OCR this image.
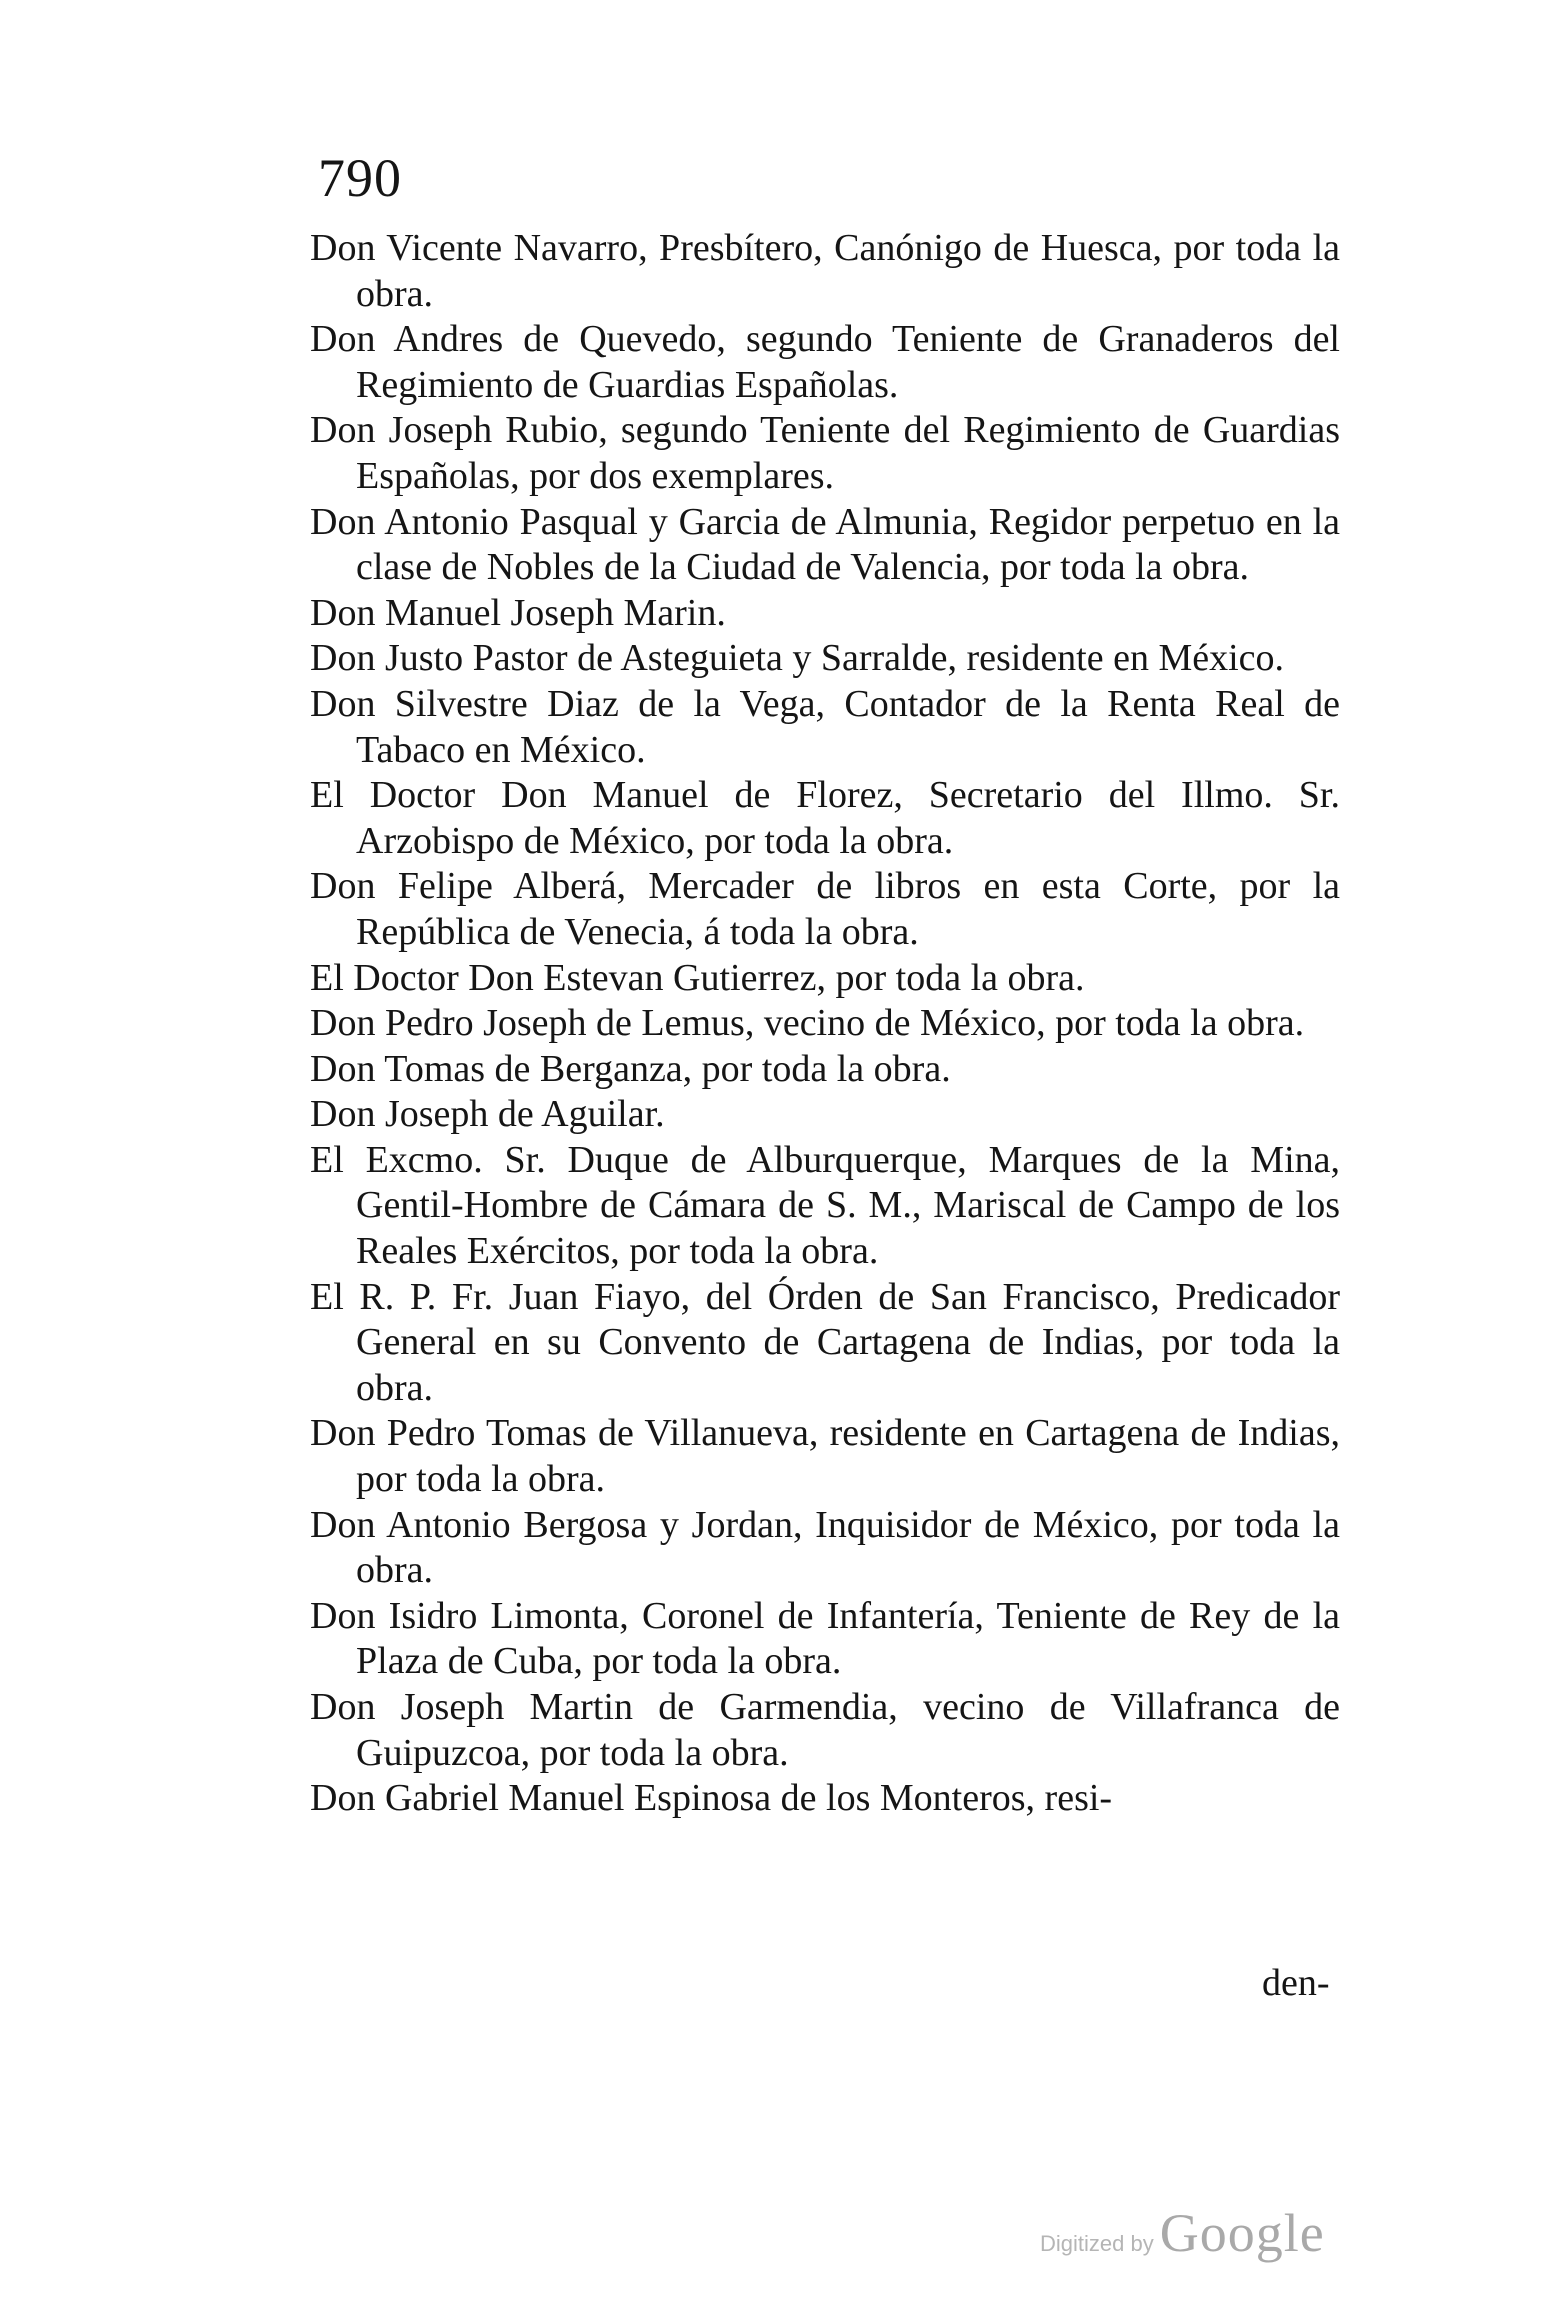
790

Don Vicente Navarro, Presbítero, Canónigo de Huesca, por toda la obra.

Don Andres de Quevedo, segundo Teniente de Granaderos del Regimiento de Guardias Españolas.

Don Joseph Rubio, segundo Teniente del Regimiento de Guardias Españolas, por dos exemplares.

Don Antonio Pasqual y Garcia de Almunia, Regidor perpetuo en la clase de Nobles de la Ciudad de Valencia, por toda la obra.

Don Manuel Joseph Marin.

Don Justo Pastor de Asteguieta y Sarralde, residente en México.

Don Silvestre Diaz de la Vega, Contador de la Renta Real de Tabaco en México.

El Doctor Don Manuel de Florez, Secretario del Illmo. Sr. Arzobispo de México, por toda la obra.

Don Felipe Alberá, Mercader de libros en esta Corte, por la República de Venecia, á toda la obra.

El Doctor Don Estevan Gutierrez, por toda la obra.

Don Pedro Joseph de Lemus, vecino de México, por toda la obra.

Don Tomas de Berganza, por toda la obra.

Don Joseph de Aguilar.

El Excmo. Sr. Duque de Alburquerque, Marques de la Mina, Gentil-Hombre de Cámara de S. M., Mariscal de Campo de los Reales Exércitos, por toda la obra.

El R. P. Fr. Juan Fiayo, del Órden de San Francisco, Predicador General en su Convento de Cartagena de Indias, por toda la obra.

Don Pedro Tomas de Villanueva, residente en Cartagena de Indias, por toda la obra.

Don Antonio Bergosa y Jordan, Inquisidor de México, por toda la obra.

Don Isidro Limonta, Coronel de Infantería, Teniente de Rey de la Plaza de Cuba, por toda la obra.

Don Joseph Martin de Garmendia, vecino de Villafranca de Guipuzcoa, por toda la obra.

Don Gabriel Manuel Espinosa de los Monteros, resi-

den-
Digitized by Google
